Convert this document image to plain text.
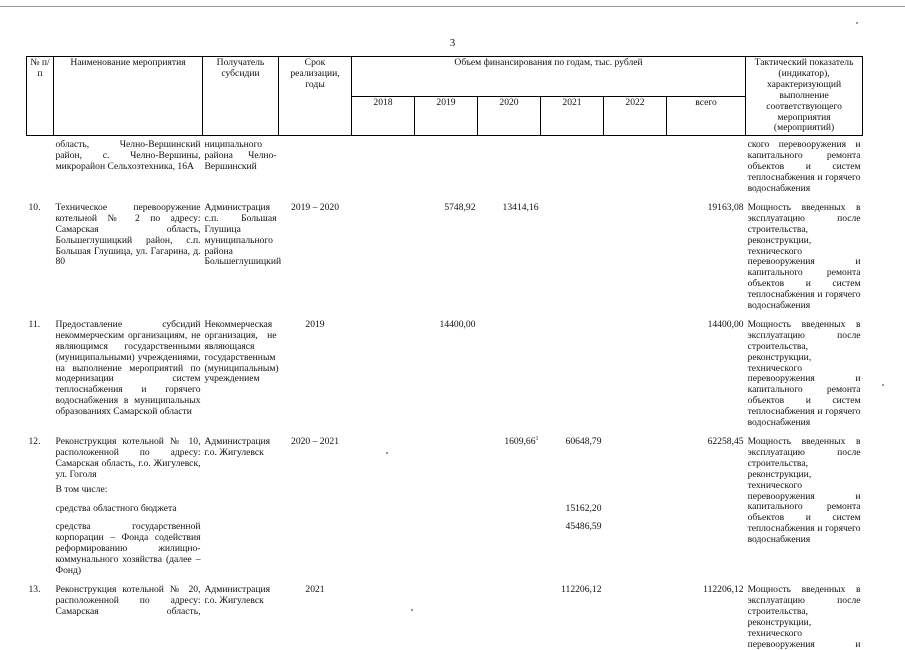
3
№ п/п	Наименование мероприятия	Получатель субсидии	Срок реализации, годы	Объем финансирования по годам, тыс. рублей						Тактический показатель (индикатор), характеризующий выполнение соответствующего мероприятия (мероприятий)
				2018	2019	2020	2021	2022	всего	
	область, Челно-Вершинский район, с. Челно-Вершины, микрорайон Сельхозтехника, 16А	ниципального района Челно-Вершинский								ского перевооружения и капитального ремонта объектов и систем теплоснабжения и горячего водоснабжения
10.	Техническое перевооружение котельной № 2 по адресу: Самарская область, Большеглушицкий район, с.п. Большая Глушица, ул. Гагарина, д. 80	Администрация с.п. Большая Глушица муниципального района Большеглушицкий	2019 – 2020		5748,92	13414,16			19163,08	Мощность введенных в эксплуатацию после строительства, реконструкции, технического перевооружения и капитального ремонта объектов и систем теплоснабжения и горячего водоснабжения
11.	Предоставление субсидий некоммерческим организациям, не являющимся государственными (муниципальными) учреждениями, на выполнение мероприятий по модернизации систем теплоснабжения и горячего водоснабжения в муниципальных образованиях Самарской области	Некоммерческая организация, не являющаяся государственным (муниципальным) учреждением	2019		14400,00				14400,00	Мощность введенных в эксплуатацию после строительства, реконструкции, технического перевооружения и капитального ремонта объектов и систем теплоснабжения и горячего водоснабжения
12.	Реконструкция котельной № 10, расположенной по адресу: Самарская область, г.о. Жигулевск, ул. Гоголя	Администрация г.о. Жигулевск	2020 – 2021			1609,66$^1$	60648,79		62258,45	Мощность введенных в эксплуатацию после строительства, реконструкции, технического перевооружения и капитального ремонта объектов и систем теплоснабжения и горячего водоснабжения
	В том числе:									
	средства областного бюджета						15162,20			
	средства государственной корпорации – Фонда содействия реформированию жилищно-коммунального хозяйства (далее – Фонд)						45486,59			
13.	Реконструкция котельной № 20, расположенной по адресу: Самарская область,	Администрация г.о. Жигулевск	2021				112206,12		112206,12	Мощность введенных в эксплуатацию после строительства, реконструкции, технического перевооружения и
